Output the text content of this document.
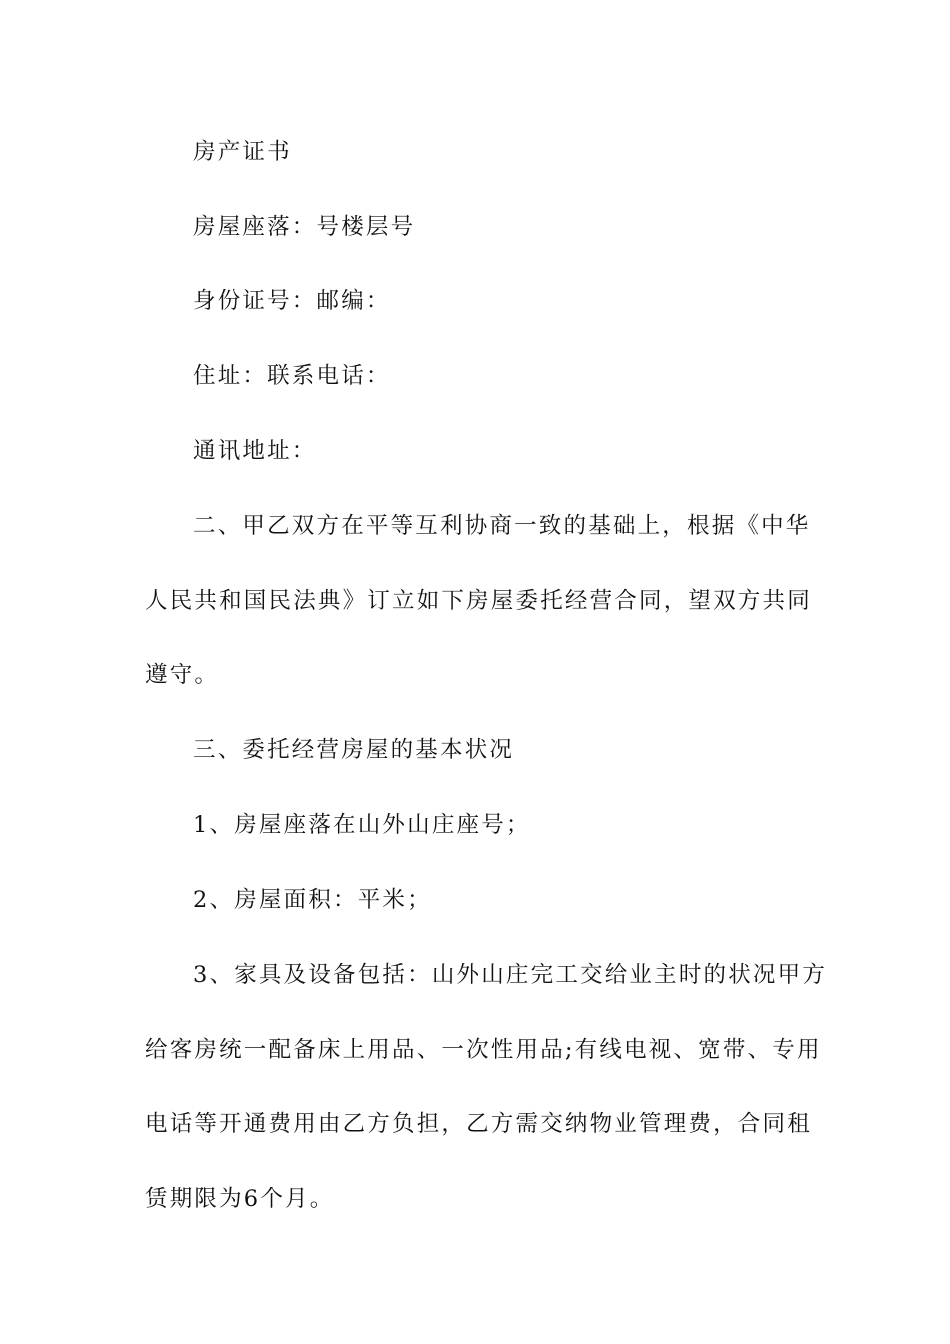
房产证书

房屋座落：号楼层号

身份证号：邮编：

住址：联系电话：

通讯地址：

二、甲乙双方在平等互利协商一致的基础上，根据《中华

人民共和国民法典》订立如下房屋委托经营合同，望双方共同

遵守。

三、委托经营房屋的基本状况

1、房屋座落在山外山庄座号；

2、房屋面积：平米；

3、家具及设备包括：山外山庄完工交给业主时的状况甲方

给客房统一配备床上用品、一次性用品;有线电视、宽带、专用

电话等开通费用由乙方负担，乙方需交纳物业管理费，合同租

赁期限为6个月。
